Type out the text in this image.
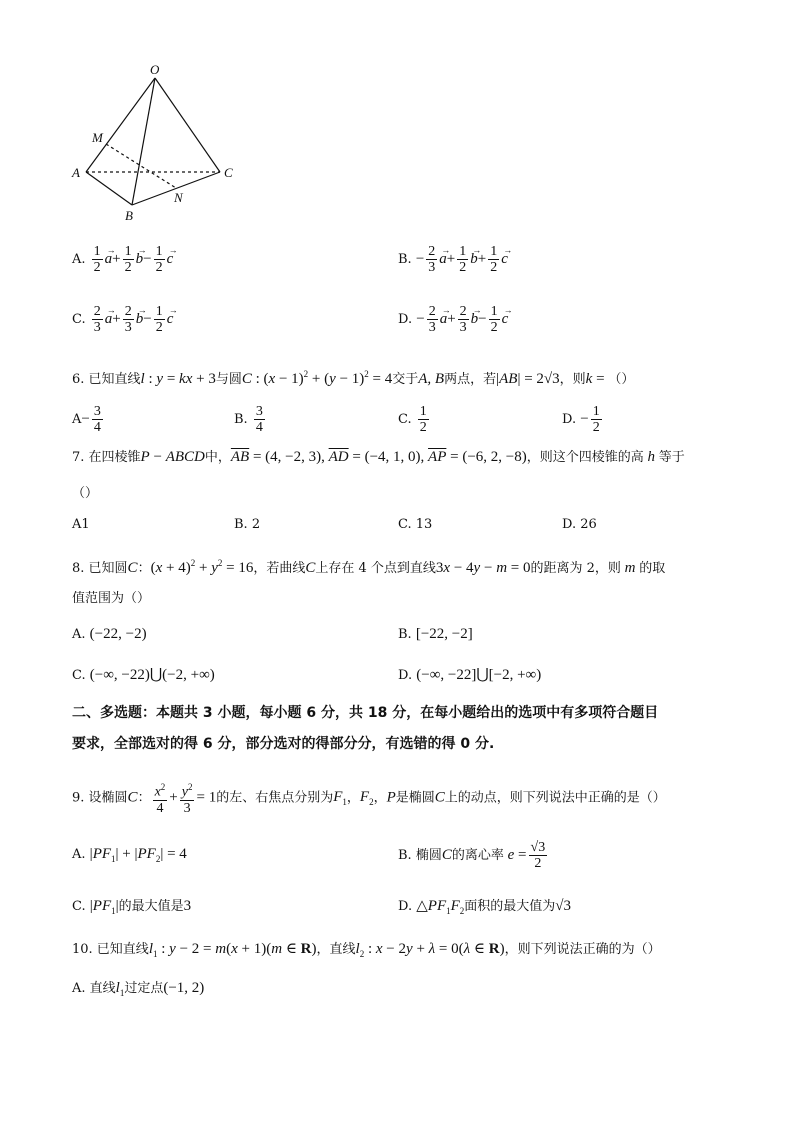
O
M
A	C
B
N
A. $\frac{1}{2}$ $a \to+ \frac{1}{2}$ $b \to- \frac{1}{2}$ c →	B. − $\frac{2}{3}$ $a \to+ \frac{1}{2}$ $b \to+ \frac{1}{2}$ c →
C. $\frac{2}{3}$ $a \to+ \frac{2}{3}$ $b \to- \frac{1}{2}$ c →	D. − $\frac{2}{3}$ $a \to+ \frac{2}{3}$ $b \to- \frac{1}{2}$ c →
6. 已知直线l : y = kx + 3与圆C : $(x - 1)^2 + (y - 1)^2 = 4$交于A, B两点，若|AB| = 2√3，则k = （）
$A- \frac{3}{4}$	B. $\frac{3}{4}$	C. $\frac{1}{2}$	D. − $\frac{1}{2}$
7. 在四棱锥P − ABCD中，$\overline{AB} = (4$, −2, 3), $\overline{AD} = (-4$, 1, 0), $\overline{AP} = (-6$, 2, −8)，则这个四棱锥的高 h 等于
（）
A1	B. 2	C. 13	D. 26
8. 已知圆C：$(x + 4)^2 + y^2 = 16$，若曲线C上存在 4 个点到直线3x − 4y − m = 0的距离为 2，则 m 的取
值范围为（）
A. (−22, −2)	B. [−22, −2]
C. (−∞, −22)⋃(−2, +∞)	D. (−∞, −22]⋃[−2, +∞)
二、多选题：本题共 3 小题，每小题 6 分，共 18 分，在每小题给出的选项中有多项符合题目
要求，全部选对的得 6 分，部分选对的得部分分，有选错的得 0 分.
9. 设椭圆C： $\frac{x^2}{4} + \frac{y^2}{3} = 1$的左、右焦点分别为$F_1$，$F_2$，P是椭圆C上的动点，则下列说法中正确的是（）
A. $|PF_1| + |PF_2| = 4$	B. 椭圆C的离心率 $e = \frac{√3}{2}$
C. $|PF_1|$的最大值是3	D. $\triangle PF_1F_2$面积的最大值为√3
10. 已知直线$l_1$ : y − 2 = m(x + 1)(m ∈ R)，直线$l_2$ : x − 2y + λ = 0(λ ∈ R)，则下列说法正确的为（）
A. 直线$l_1$过定点(−1, 2)
